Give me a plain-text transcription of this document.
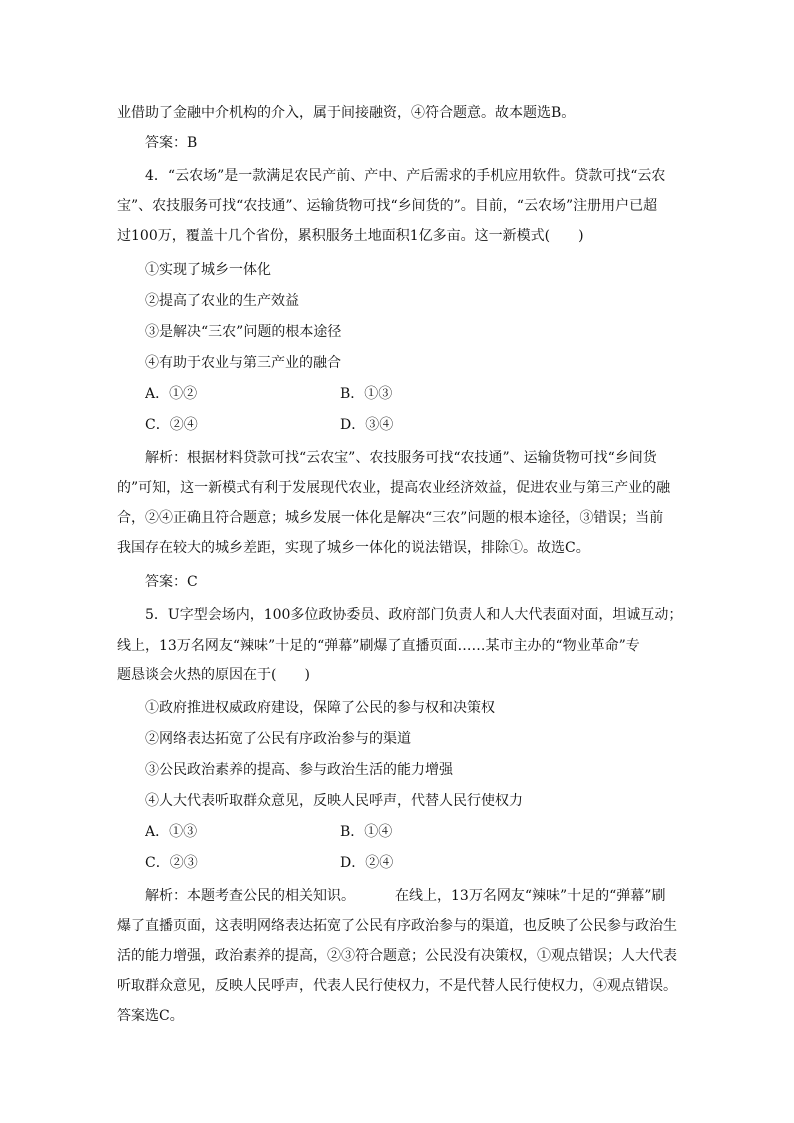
业借助了金融中介机构的介入，属于间接融资，④符合题意。故本题选B。
答案：B
4．“云农场”是一款满足农民产前、产中、产后需求的手机应用软件。贷款可找“云农
宝”、农技服务可找“农技通”、运输货物可找“乡间货的”。目前，“云农场”注册用户已超
过100万，覆盖十几个省份，累积服务土地面积1亿多亩。这一新模式(　　)
①实现了城乡一体化
②提高了农业的生产效益
③是解决“三农”问题的根本途径
④有助于农业与第三产业的融合
A．①②	B．①③
C．②④	D．③④
解析：根据材料贷款可找“云农宝”、农技服务可找“农技通”、运输货物可找“乡间货
的”可知，这一新模式有利于发展现代农业，提高农业经济效益，促进农业与第三产业的融
合，②④正确且符合题意；城乡发展一体化是解决“三农”问题的根本途径，③错误；当前
我国存在较大的城乡差距，实现了城乡一体化的说法错误，排除①。故选C。
答案：C
5．U字型会场内，100多位政协委员、政府部门负责人和人大代表面对面，坦诚互动；
线上，13万名网友“辣味”十足的“弹幕”刷爆了直播页面……某市主办的“物业革命”专
题恳谈会火热的原因在于(　　)
①政府推进权威政府建设，保障了公民的参与权和决策权
②网络表达拓宽了公民有序政治参与的渠道
③公民政治素养的提高、参与政治生活的能力增强
④人大代表听取群众意见，反映人民呼声，代替人民行使权力
A．①③	B．①④
C．②③	D．②④
解析：本题考查公民的相关知识。	在线上，13万名网友“辣味”十足的“弹幕”刷
爆了直播页面，这表明网络表达拓宽了公民有序政治参与的渠道，也反映了公民参与政治生
活的能力增强，政治素养的提高，②③符合题意；公民没有决策权，①观点错误；人大代表
听取群众意见，反映人民呼声，代表人民行使权力，不是代替人民行使权力，④观点错误。
答案选C。
